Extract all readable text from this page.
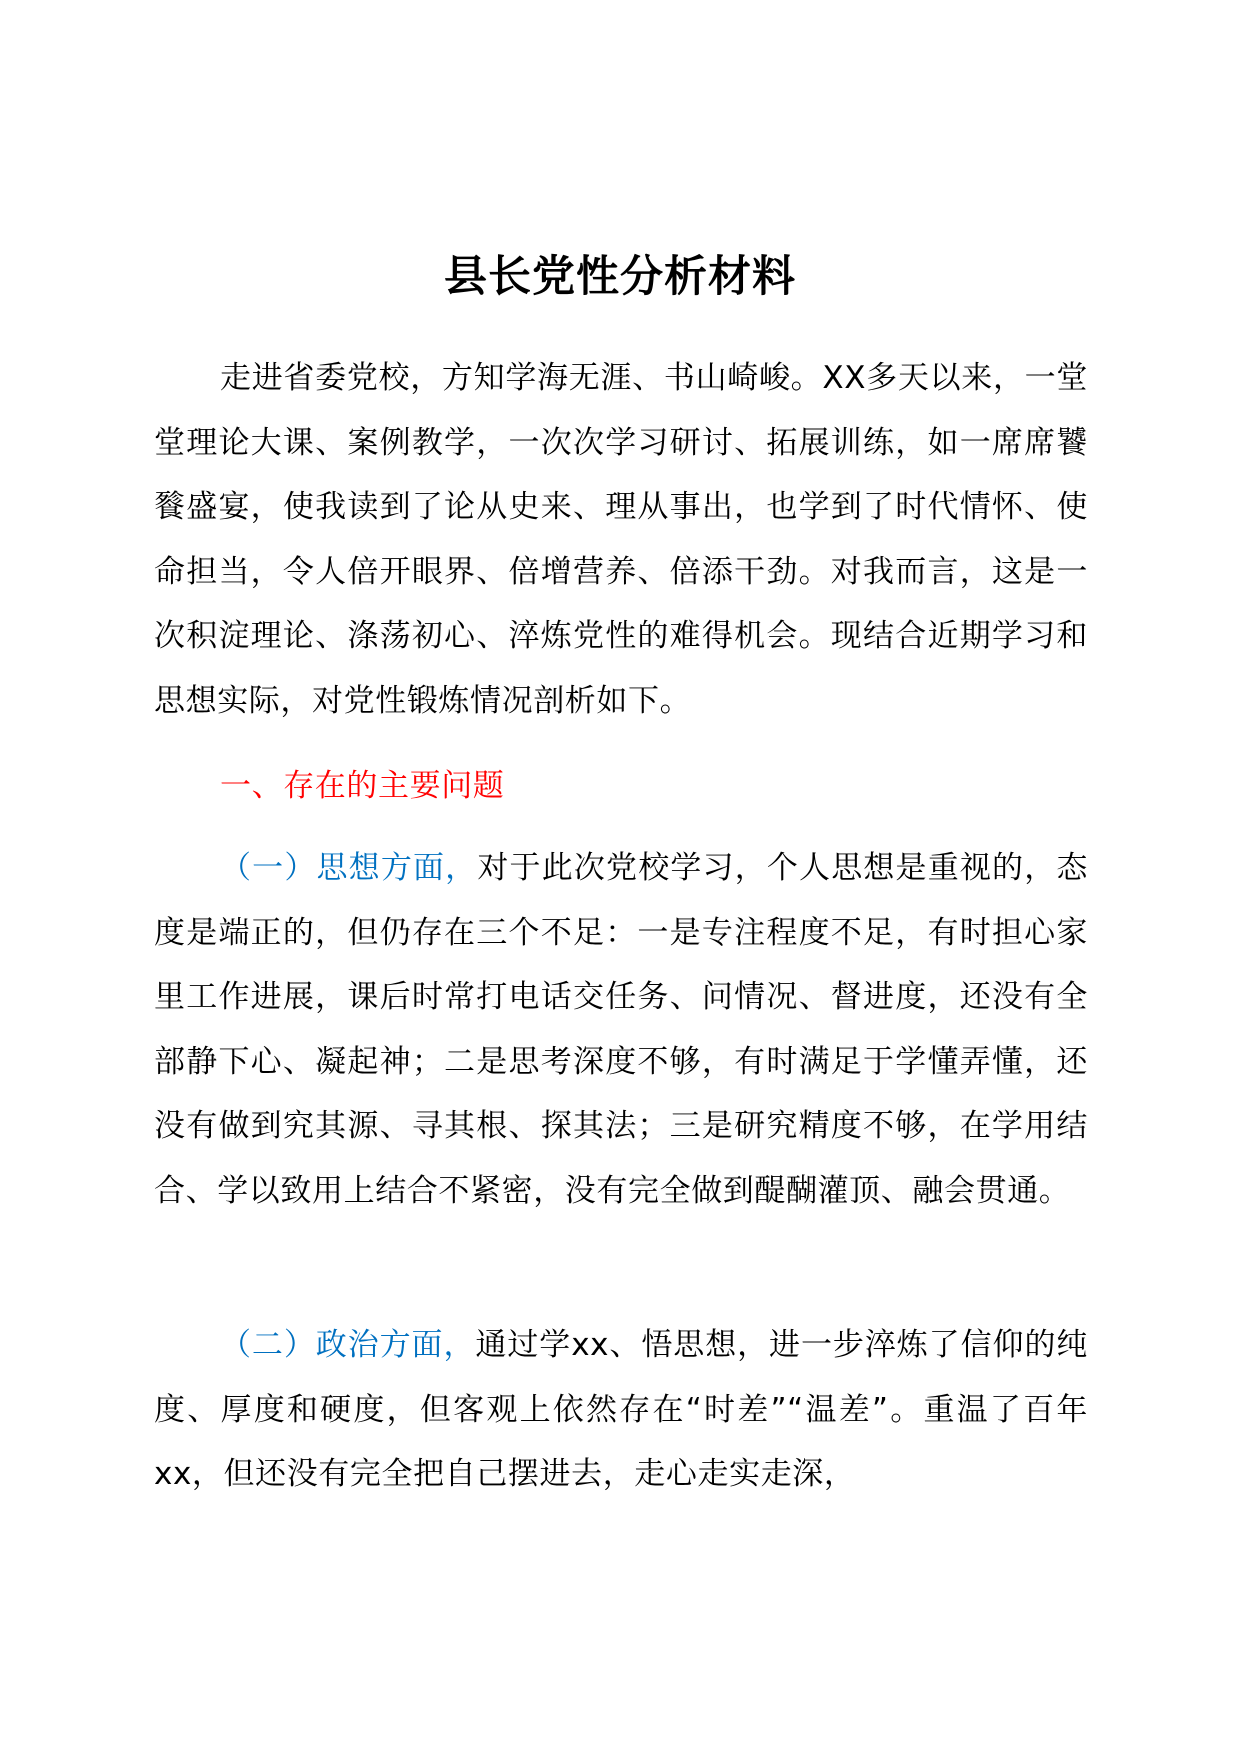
县长党性分析材料

走进省委党校，方知学海无涯、书山崎峻。XX多天以来，一堂堂理论大课、案例教学，一次次学习研讨、拓展训练，如一席席饕餮盛宴，使我读到了论从史来、理从事出，也学到了时代情怀、使命担当，令人倍开眼界、倍增营养、倍添干劲。对我而言，这是一次积淀理论、涤荡初心、淬炼党性的难得机会。现结合近期学习和思想实际，对党性锻炼情况剖析如下。

一、存在的主要问题

（一）思想方面，对于此次党校学习，个人思想是重视的，态度是端正的，但仍存在三个不足：一是专注程度不足，有时担心家里工作进展，课后时常打电话交任务、问情况、督进度，还没有全部静下心、凝起神；二是思考深度不够，有时满足于学懂弄懂，还没有做到究其源、寻其根、探其法；三是研究精度不够，在学用结合、学以致用上结合不紧密，没有完全做到醍醐灌顶、融会贯通。

（二）政治方面，通过学xx、悟思想，进一步淬炼了信仰的纯度、厚度和硬度，但客观上依然存在“时差”“温差”。重温了百年xx，但还没有完全把自己摆进去，走心走实走深，
